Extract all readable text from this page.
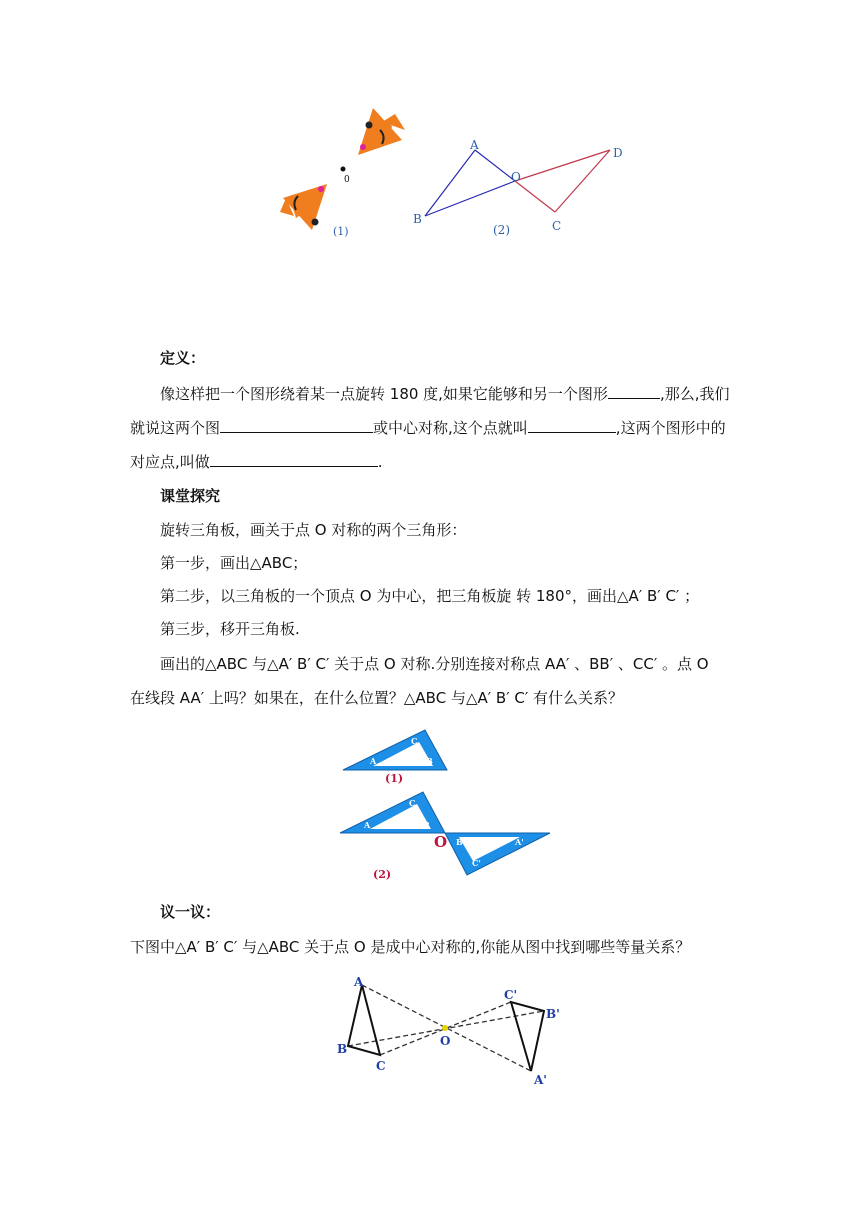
0
(1)
A
B
O
C
D
(2)
定义：
像这样把一个图形绕着某一点旋转 180 度,如果它能够和另一个图形	,那么,我们
就说这两个图	或中心对称,这个点就叫	,这两个图形中的
对应点,叫做	.
课堂探究
旋转三角板，画关于点 O 对称的两个三角形：
第一步，画出△ABC；
第二步，以三角板的一个顶点 O 为中心，把三角板旋 转 180°，画出△A′ B′ C′ ；
第三步，移开三角板.
画出的△ABC 与△A′ B′ C′ 关于点 O 对称.分别连接对称点 AA′ 、BB′ 、CC′ 。点 O
在线段 AA′ 上吗？如果在，在什么位置？△ABC 与△A′ B′ C′ 有什么关系？
A	B
C
(1)
A	B
C
B'	A'
C'
O
(2)
议一议：
下图中△A′ B′ C′ 与△ABC 关于点 O 是成中心对称的,你能从图中找到哪些等量关系？
A
B
C
O
C'
B'
A'
